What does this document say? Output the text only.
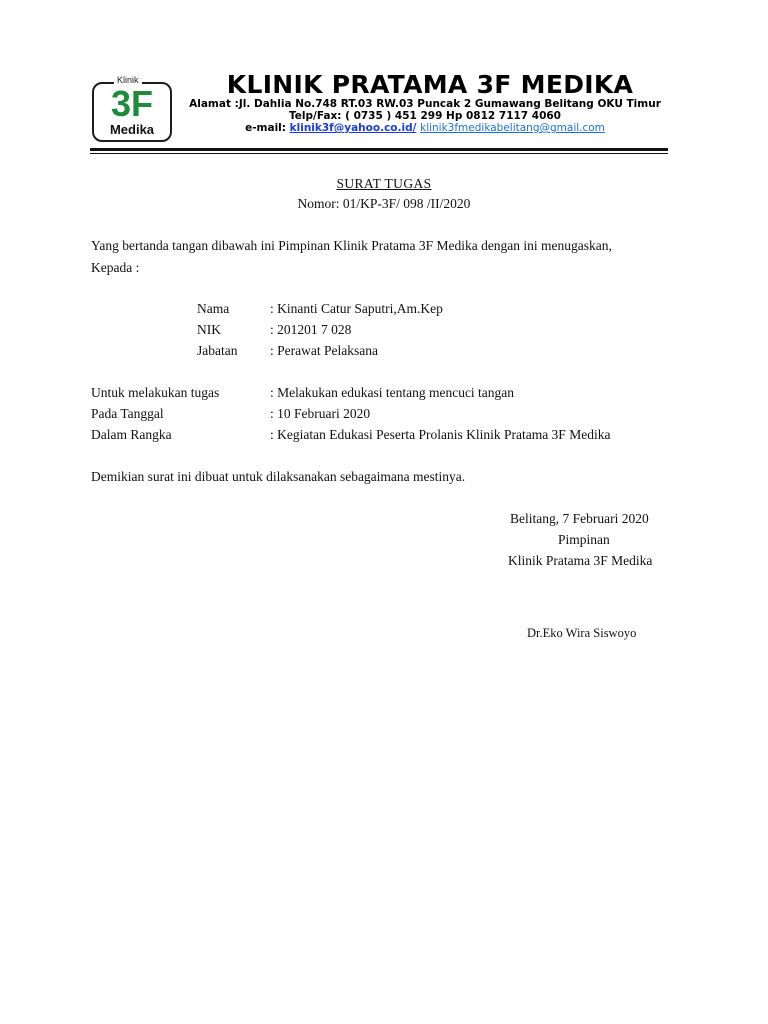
Klinik
3F
Medika
KLINIK PRATAMA 3F MEDIKA
Alamat :Jl. Dahlia No.748 RT.03 RW.03 Puncak 2 Gumawang Belitang OKU Timur
Telp/Fax: ( 0735 ) 451 299 Hp 0812 7117 4060
e-mail: klinik3f@yahoo.co.id/ klinik3fmedikabelitang@gmail.com
SURAT TUGAS
Nomor: 01/KP-3F/ 098 /II/2020
Yang bertanda tangan dibawah ini Pimpinan Klinik Pratama 3F Medika dengan ini menugaskan,
Kepada :
Nama	: Kinanti Catur Saputri,Am.Kep
NIK	: 201201 7 028
Jabatan : Perawat Pelaksana
Untuk melakukan tugas	: Melakukan edukasi tentang mencuci tangan
Pada Tanggal	: 10 Februari 2020
Dalam Rangka	: Kegiatan Edukasi Peserta Prolanis Klinik Pratama 3F Medika
Demikian surat ini dibuat untuk dilaksanakan sebagaimana mestinya.
Belitang, 7 Februari 2020
Pimpinan
Klinik Pratama 3F Medika
Dr.Eko Wira Siswoyo
